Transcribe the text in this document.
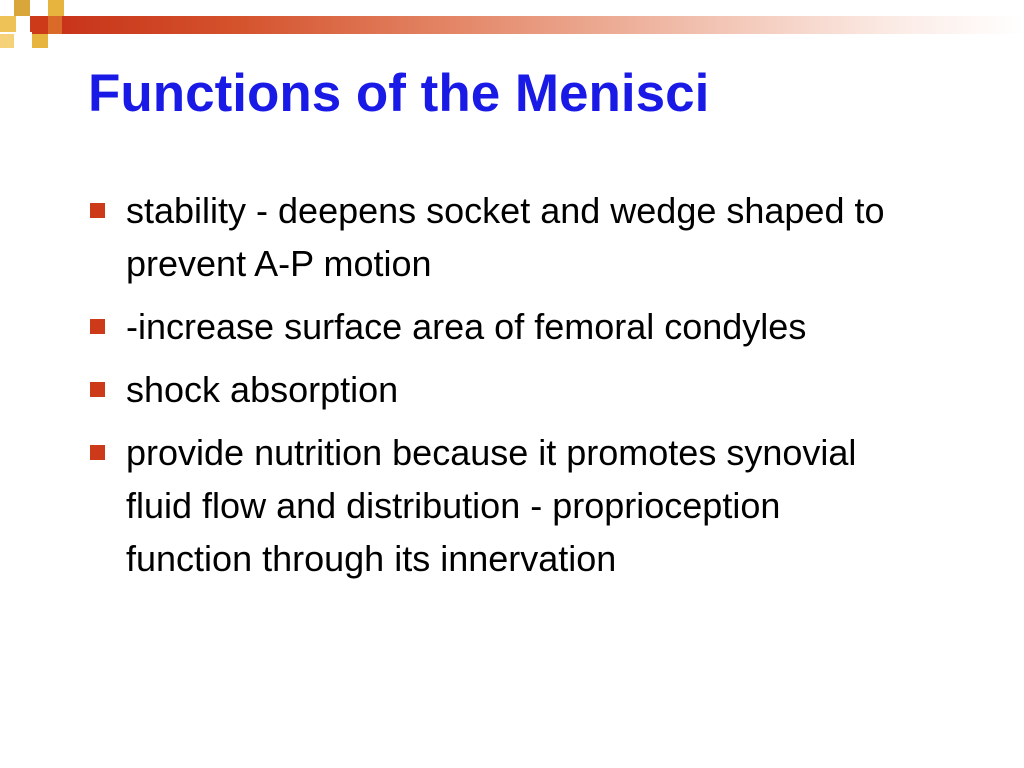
Functions of the Menisci
stability - deepens socket and wedge shaped to prevent A-P motion
-increase surface area of femoral condyles
shock absorption
provide nutrition because it promotes synovial fluid flow and distribution - proprioception function through its innervation
